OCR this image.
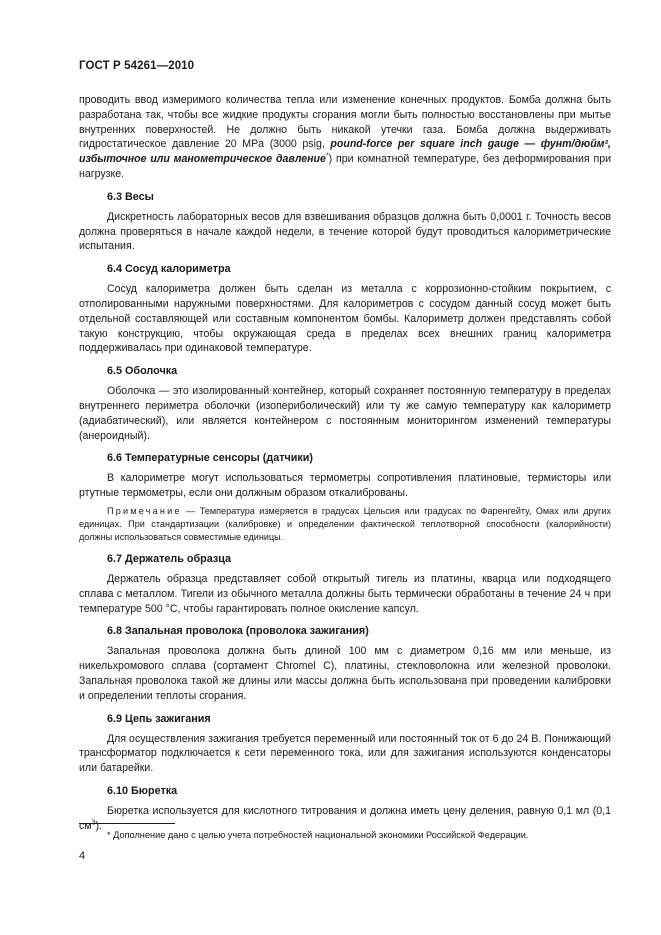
ГОСТ Р 54261—2010

проводить ввод измеримого количества тепла или изменение конечных продуктов. Бомба должна быть разработана так, чтобы все жидкие продукты сгорания могли быть полностью восстановлены при мытье внутренних поверхностей. Не должно быть никакой утечки газа. Бомба должна выдерживать гидростатическое давление 20 MPa (3000 psig, pound-force per square inch gauge — фунт/дюйм², избыточное или манометрическое давление*) при комнатной температуре, без деформирования при нагрузке.

6.3 Весы

Дискретность лабораторных весов для взвешивания образцов должна быть 0,0001 г. Точность весов должна проверяться в начале каждой недели, в течение которой будут проводиться калориметрические испытания.

6.4 Сосуд калориметра

Сосуд калориметра должен быть сделан из металла с коррозионно-стойким покрытием, с отполированными наружными поверхностями. Для калориметров с сосудом данный сосуд может быть отдельной составляющей или составным компонентом бомбы. Калориметр должен представлять собой такую конструкцию, чтобы окружающая среда в пределах всех внешних границ калориметра поддерживалась при одинаковой температуре.

6.5 Оболочка

Оболочка — это изолированный контейнер, который сохраняет постоянную температуру в пределах внутреннего периметра оболочки (изопериболический) или ту же самую температуру как калориметр (адиабатический), или является контейнером с постоянным мониторингом изменений температуры (анероидный).

6.6 Температурные сенсоры (датчики)

В калориметре могут использоваться термометры сопротивления платиновые, термисторы или ртутные термометры, если они должным образом откалиброваны.

Примечание — Температура измеряется в градусах Цельсия или градусах по Фаренгейту, Омах или других единицах. При стандартизации (калибровке) и определении фактической теплотворной способности (калорийности) должны использоваться совместимые единицы.

6.7 Держатель образца

Держатель образца представляет собой открытый тигель из платины, кварца или подходящего сплава с металлом. Тигели из обычного металла должны быть термически обработаны в течение 24 ч при температуре 500 °С, чтобы гарантировать полное окисление капсул.

6.8 Запальная проволока (проволока зажигания)

Запальная проволока должна быть длиной 100 мм с диаметром 0,16 мм или меньше, из никельхромового сплава (сортамент Chromel С), платины, стекловолокна или железной проволоки. Запальная проволока такой же длины или массы должна быть использована при проведении калибровки и определении теплоты сгорания.

6.9 Цепь зажигания

Для осуществления зажигания требуется переменный или постоянный ток от 6 до 24 В. Понижающий трансформатор подключается к сети переменного тока, или для зажигания используются конденсаторы или батарейки.

6.10 Бюретка

Бюретка используется для кислотного титрования и должна иметь цену деления, равную 0,1 мл (0,1 $см^3$).

* Дополнение дано с целью учета потребностей национальной экономики Российской Федерации.
4
